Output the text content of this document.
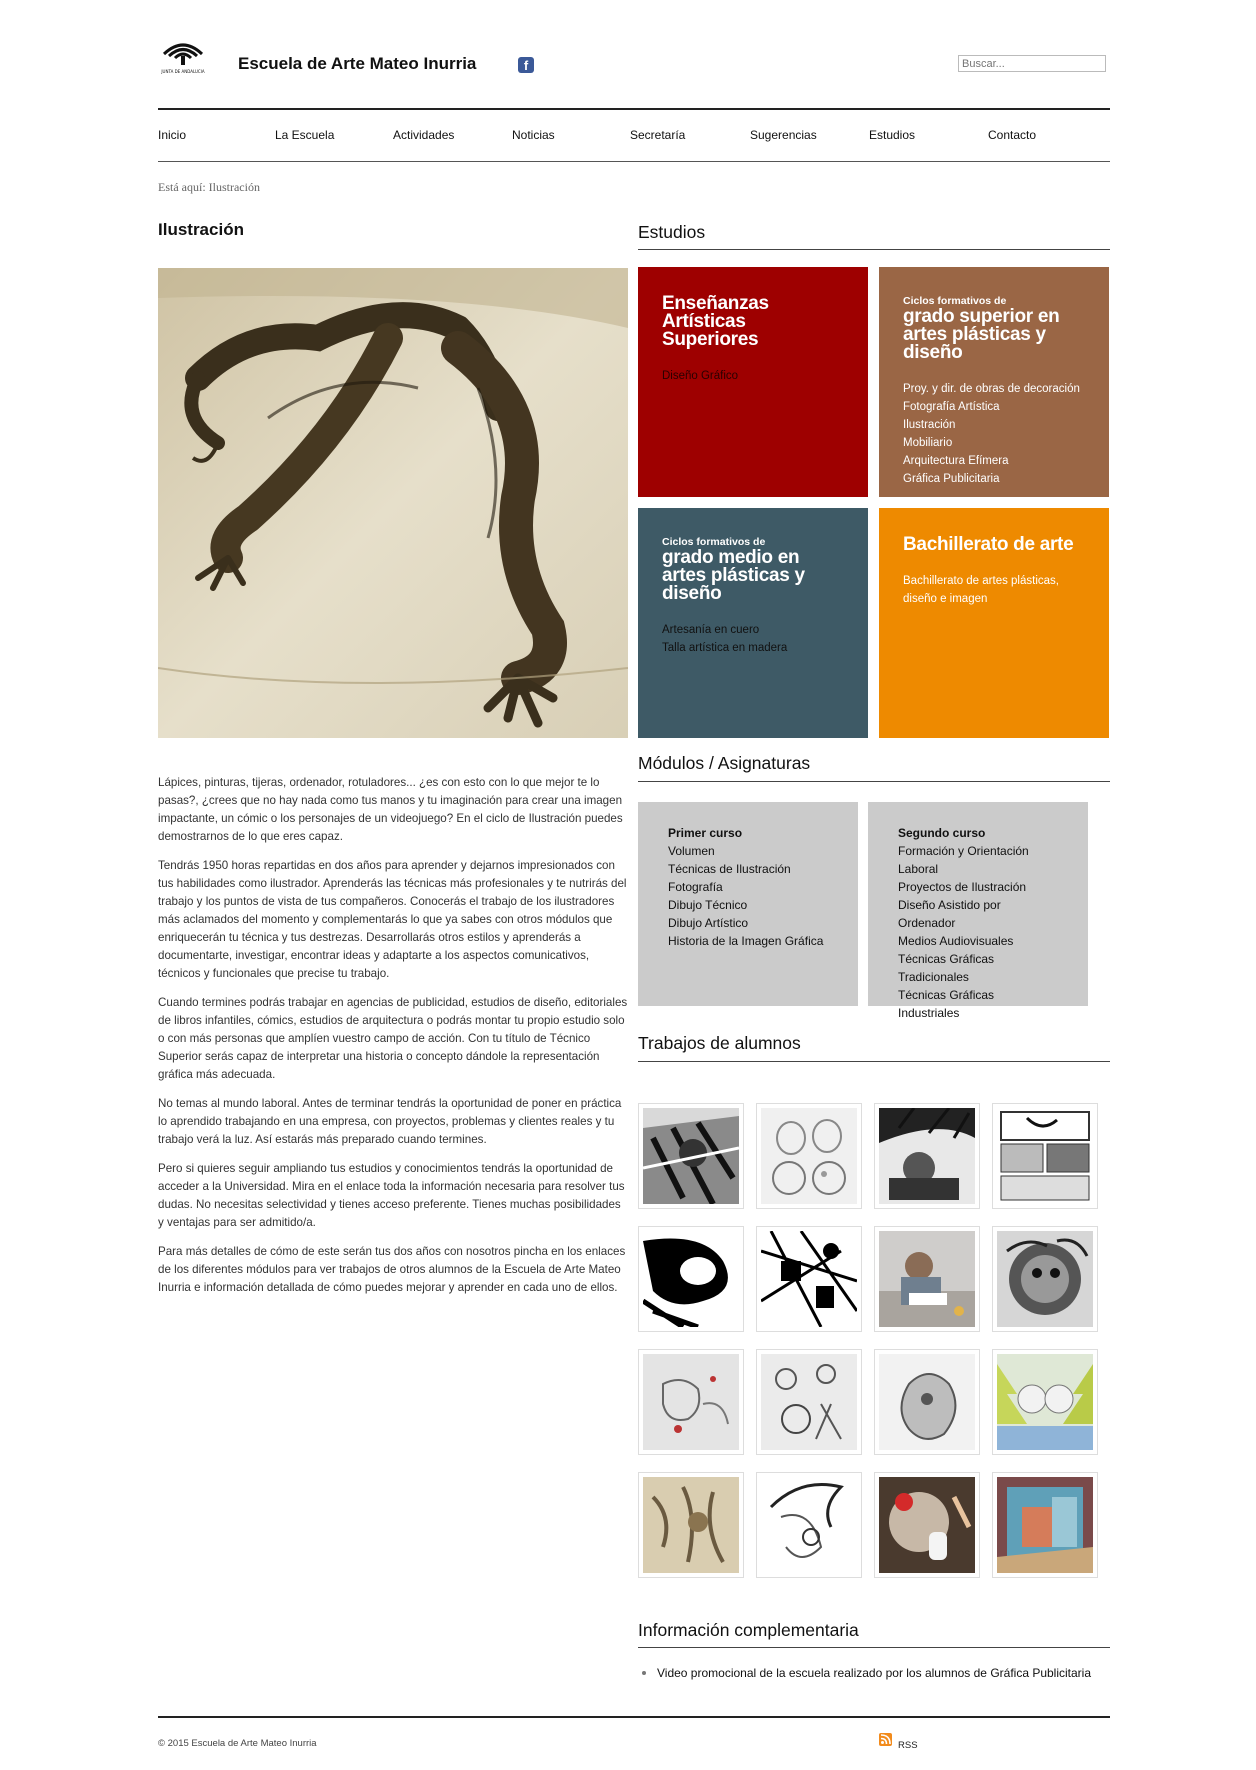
JUNTA DE ANDALUCIA Escuela de Arte Mateo Inurria	f
Buscar...
Inicio	La Escuela	Actividades	Noticias	Secretaría	Sugerencias	Estudios	Contacto
Está aquí: Ilustración
Ilustración

Lápices, pinturas, tijeras, ordenador, rotuladores... ¿es con esto con lo que mejor te lo pasas?, ¿crees que no hay nada como tus manos y tu imaginación para crear una imagen impactante, un cómic o los personajes de un videojuego? En el ciclo de Ilustración puedes demostrarnos de lo que eres capaz.

Tendrás 1950 horas repartidas en dos años para aprender y dejarnos impresionados con tus habilidades como ilustrador. Aprenderás las técnicas más profesionales y te nutrirás del trabajo y los puntos de vista de tus compañeros. Conocerás el trabajo de los ilustradores más aclamados del momento y complementarás lo que ya sabes con otros módulos que enriquecerán tu técnica y tus destrezas. Desarrollarás otros estilos y aprenderás a documentarte, investigar, encontrar ideas y adaptarte a los aspectos comunicativos, técnicos y funcionales que precise tu trabajo.

Cuando termines podrás trabajar en agencias de publicidad, estudios de diseño, editoriales de libros infantiles, cómics, estudios de arquitectura o podrás montar tu propio estudio solo o con más personas que amplíen vuestro campo de acción. Con tu título de Técnico Superior serás capaz de interpretar una historia o concepto dándole la representación gráfica más adecuada.

No temas al mundo laboral. Antes de terminar tendrás la oportunidad de poner en práctica lo aprendido trabajando en una empresa, con proyectos, problemas y clientes reales y tu trabajo verá la luz. Así estarás más preparado cuando termines.

Pero si quieres seguir ampliando tus estudios y conocimientos tendrás la oportunidad de acceder a la Universidad. Mira en el enlace toda la información necesaria para resolver tus dudas. No necesitas selectividad y tienes acceso preferente. Tienes muchas posibilidades y ventajas para ser admitido/a.

Para más detalles de cómo de este serán tus dos años con nosotros pincha en los enlaces de los diferentes módulos para ver trabajos de otros alumnos de la Escuela de Arte Mateo Inurria e información detallada de cómo puedes mejorar y aprender en cada uno de ellos.

Estudios
Enseñanzas Artísticas Superiores
Diseño Gráfico
Ciclos formativos de
grado superior en artes plásticas y diseño
Proy. y dir. de obras de decoración
Fotografía Artística
Ilustración
Mobiliario
Arquitectura Efímera
Gráfica Publicitaria
Ciclos formativos de
grado medio en artes plásticas y diseño
Artesanía en cuero
Talla artística en madera
Bachillerato de arte
Bachillerato de artes plásticas,
diseño e imagen
Módulos / Asignaturas
Primer curso
Volumen
Técnicas de Ilustración
Fotografía
Dibujo Técnico
Dibujo Artístico
Historia de la Imagen Gráfica
Segundo curso
Formación y Orientación
Laboral
Proyectos de Ilustración
Diseño Asistido por Ordenador
Medios Audiovisuales
Técnicas Gráficas Tradicionales
Técnicas Gráficas Industriales
Trabajos de alumnos
Información complementaria
Video promocional de la escuela realizado por los alumnos de Gráfica Publicitaria
© 2015 Escuela de Arte Mateo Inurria	RSS
